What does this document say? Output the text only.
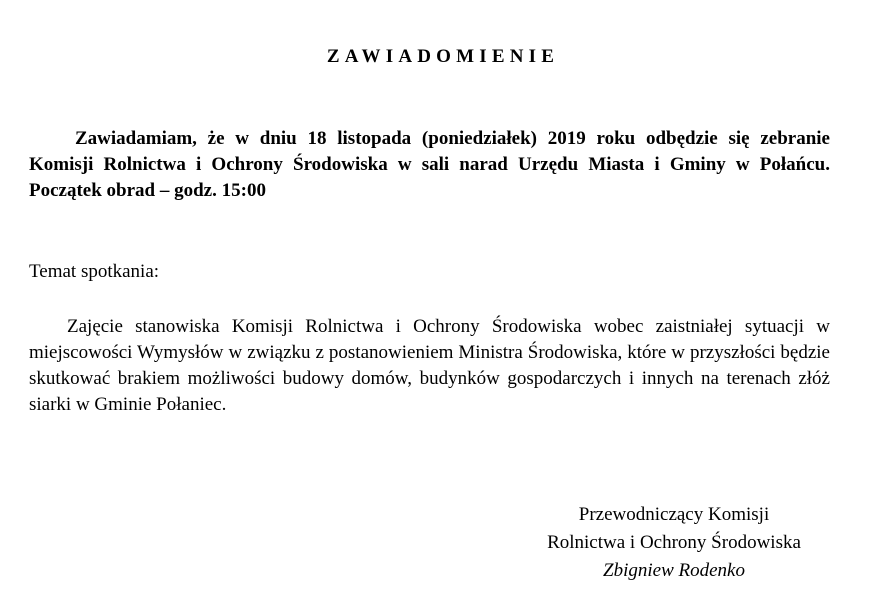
ZAWIADOMIENIE

Zawiadamiam, że w dniu 18 listopada (poniedziałek) 2019 roku odbędzie się zebranie Komisji Rolnictwa i Ochrony Środowiska w sali narad Urzędu Miasta i Gminy w Połańcu. Początek obrad – godz. 15:00

Temat spotkania:

Zajęcie stanowiska Komisji Rolnictwa i Ochrony Środowiska wobec zaistniałej sytuacji w miejscowości Wymysłów w związku z postanowieniem Ministra Środowiska, które w przyszłości będzie skutkować brakiem możliwości budowy domów, budynków gospodarczych i innych na terenach złóż siarki w Gminie Połaniec.

Przewodniczący Komisji
Rolnictwa i Ochrony Środowiska
Zbigniew Rodenko
